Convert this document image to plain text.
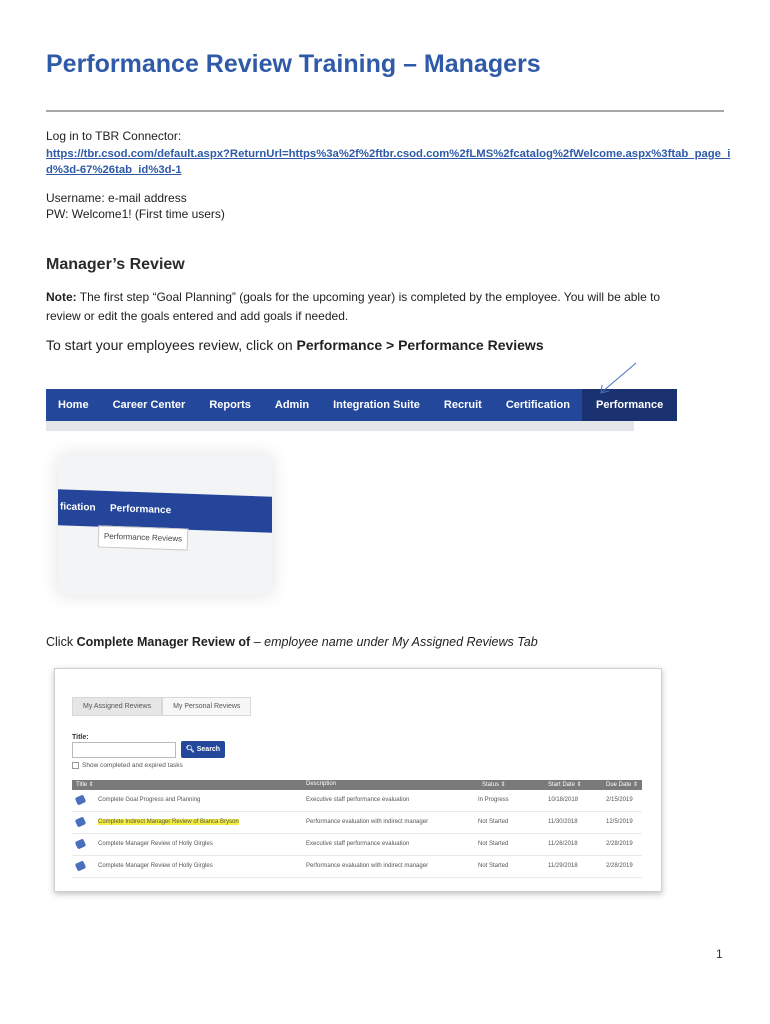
Performance Review Training – Managers
Log in to TBR Connector:
https://tbr.csod.com/default.aspx?ReturnUrl=https%3a%2f%2ftbr.csod.com%2fLMS%2fcatalog%2fWelcome.aspx%3ftab_page_i
d%3d-67%26tab_id%3d-1
Username: e-mail address
PW: Welcome1! (First time users)
Manager’s Review
Note: The first step “Goal Planning” (goals for the upcoming year) is completed by the employee. You will be able to
review or edit the goals entered and add goals if needed.
To start your employees review, click on Performance > Performance Reviews
Home	Career Center	Reports	Admin	Integration Suite	Recruit	Certification	Performance
fication Performance
Performance Reviews
Click Complete Manager Review of – employee name under My Assigned Reviews Tab
My Assigned Reviews	My Personal Reviews
Title:
🔍︎ Search
Show completed and expired tasks
Title ⇕	Description	Status ⇕	Start Date ⇕	Due Date ⇕
Complete Goal Progress and Planning	Executive staff performance evaluation	In Progress	10/18/2018	2/15/2019
Complete Indirect Manager Review of Bianca Bryson	Performance evaluation with indirect manager	Not Started	11/30/2018	12/5/2019
Complete Manager Review of Holly Girgles	Executive staff performance evaluation	Not Started	11/26/2018	2/28/2019
Complete Manager Review of Holly Girgles	Performance evaluation with indirect manager	Not Started	11/29/2018	2/28/2019
1
